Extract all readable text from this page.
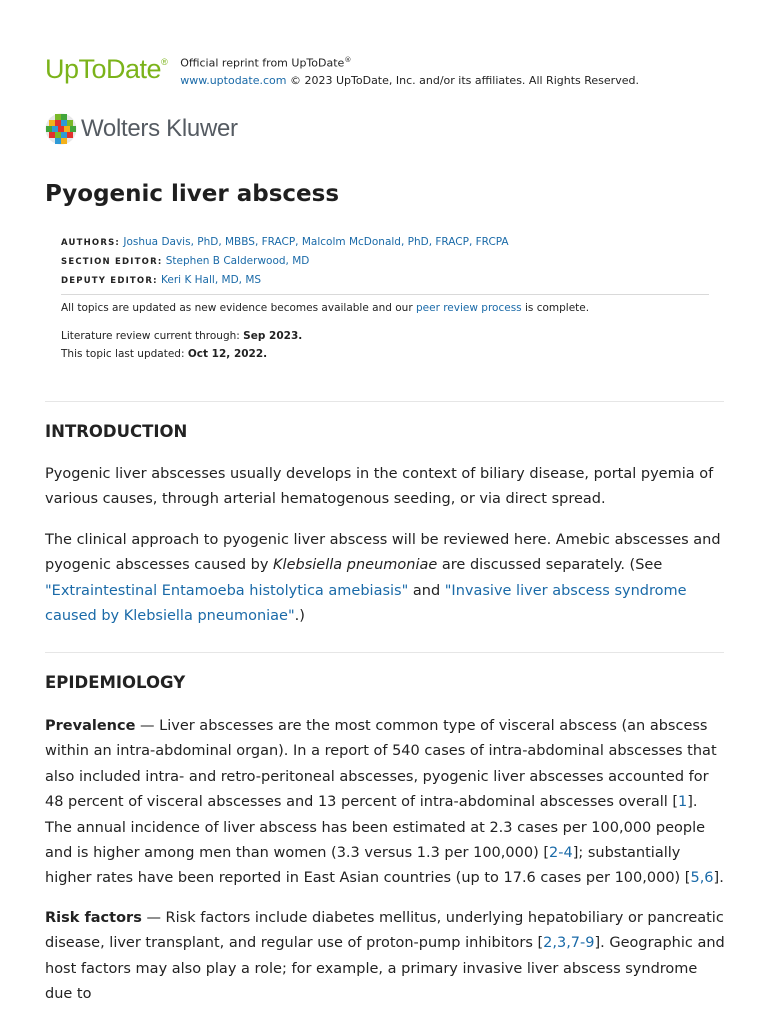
UpToDate® Official reprint from UpToDate®
www.uptodate.com © 2023 UpToDate, Inc. and/or its affiliates. All Rights Reserved.
Wolters Kluwer
Pyogenic liver abscess
AUTHORS: Joshua Davis, PhD, MBBS, FRACP, Malcolm McDonald, PhD, FRACP, FRCPA
SECTION EDITOR: Stephen B Calderwood, MD
DEPUTY EDITOR: Keri K Hall, MD, MS
All topics are updated as new evidence becomes available and our peer review process is complete.
Literature review current through: Sep 2023.
This topic last updated: Oct 12, 2022.
INTRODUCTION

Pyogenic liver abscesses usually develops in the context of biliary disease, portal pyemia of various causes, through arterial hematogenous seeding, or via direct spread.

The clinical approach to pyogenic liver abscess will be reviewed here. Amebic abscesses and pyogenic abscesses caused by Klebsiella pneumoniae are discussed separately. (See "Extraintestinal Entamoeba histolytica amebiasis" and "Invasive liver abscess syndrome caused by Klebsiella pneumoniae".)

EPIDEMIOLOGY

Prevalence — Liver abscesses are the most common type of visceral abscess (an abscess within an intra-abdominal organ). In a report of 540 cases of intra-abdominal abscesses that also included intra- and retro-peritoneal abscesses, pyogenic liver abscesses accounted for 48 percent of visceral abscesses and 13 percent of intra-abdominal abscesses overall [1]. The annual incidence of liver abscess has been estimated at 2.3 cases per 100,000 people and is higher among men than women (3.3 versus 1.3 per 100,000) [2-4]; substantially higher rates have been reported in East Asian countries (up to 17.6 cases per 100,000) [5,6].

Risk factors — Risk factors include diabetes mellitus, underlying hepatobiliary or pancreatic disease, liver transplant, and regular use of proton-pump inhibitors [2,3,7-9]. Geographic and host factors may also play a role; for example, a primary invasive liver abscess syndrome due to
